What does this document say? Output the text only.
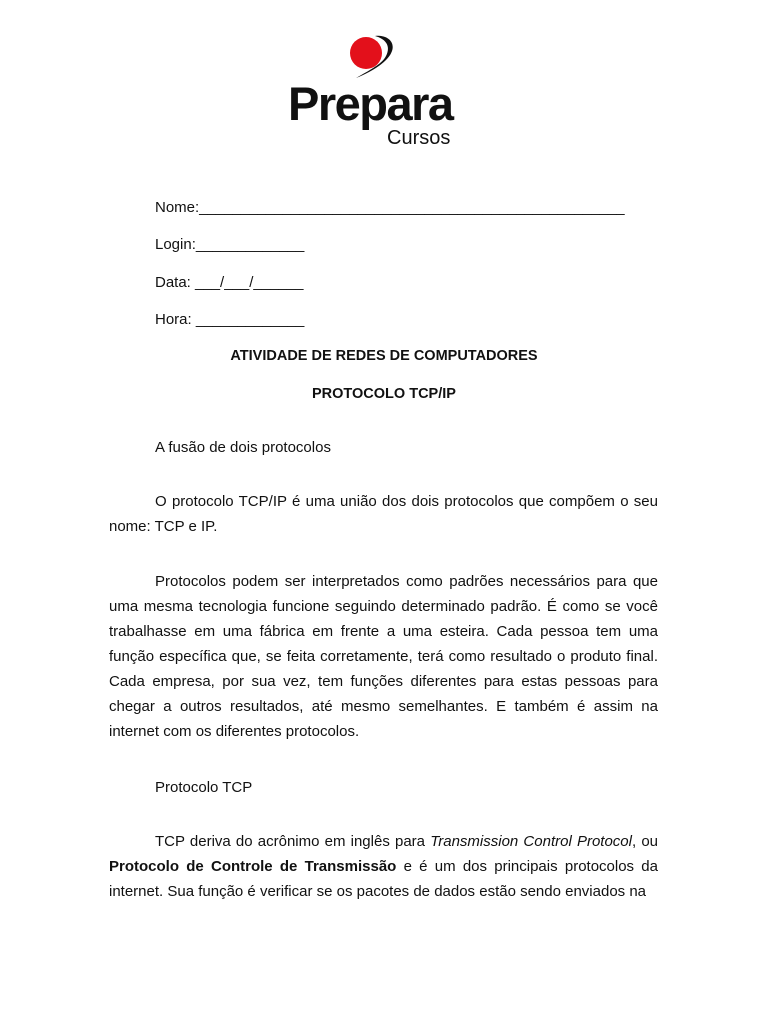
Prepara
Cursos
Nome:___________________________________________________
Login:_____________
Data: ___/___/______
Hora: _____________
ATIVIDADE DE REDES DE COMPUTADORES
PROTOCOLO TCP/IP
A fusão de dois protocolos

O protocolo TCP/IP é uma união dos dois protocolos que compõem o seu nome: TCP e IP.

Protocolos podem ser interpretados como padrões necessários para que uma mesma tecnologia funcione seguindo determinado padrão. É como se você trabalhasse em uma fábrica em frente a uma esteira. Cada pessoa tem uma função específica que, se feita corretamente, terá como resultado o produto final. Cada empresa, por sua vez, tem funções diferentes para estas pessoas para chegar a outros resultados, até mesmo semelhantes. E também é assim na internet com os diferentes protocolos.

Protocolo TCP

TCP deriva do acrônimo em inglês para Transmission Control Protocol, ou Protocolo de Controle de Transmissão e é um dos principais protocolos da internet. Sua função é verificar se os pacotes de dados estão sendo enviados na
